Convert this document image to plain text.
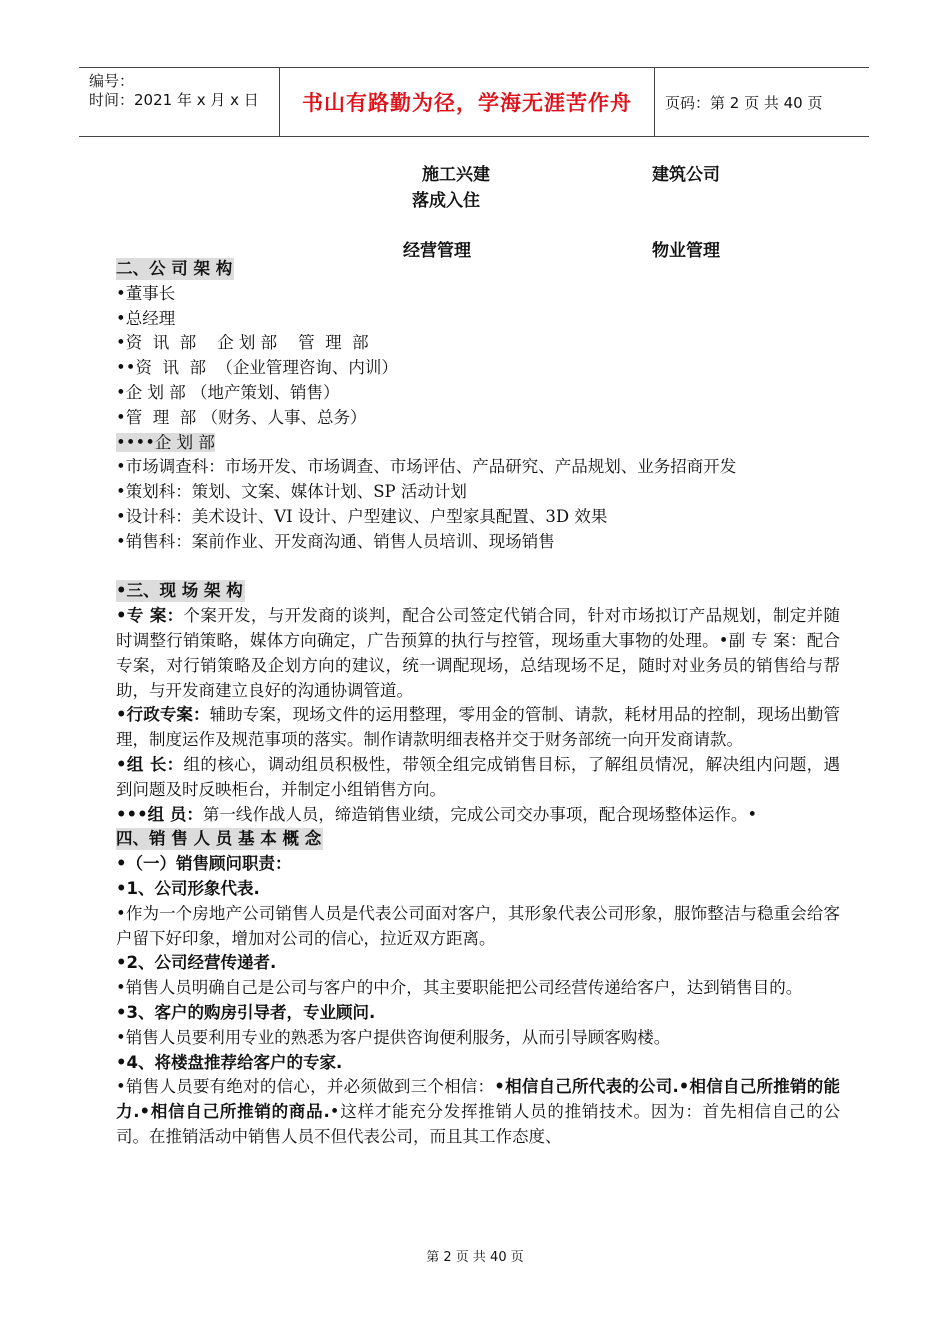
编号：
时间：2021 年 x 月 x 日	书山有路勤为径，学海无涯苦作舟	页码：第 2 页 共 40 页
施工兴建	建筑公司
落成入住
经营管理	物业管理
二、公 司 架 构
•董事长
•总经理
•资  讯  部    企 划 部    管  理  部
••资  讯  部  （企业管理咨询、内训）
•企 划 部 （地产策划、销售）
•管  理  部 （财务、人事、总务）
••••企 划 部
•市场调查科：市场开发、市场调查、市场评估、产品研究、产品规划、业务招商开发
•策划科：策划、文案、媒体计划、SP 活动计划
•设计科：美术设计、VI 设计、户型建议、户型家具配置、3D 效果
•销售科：案前作业、开发商沟通、销售人员培训、现场销售
•三、现 场 架 构
•专 案：个案开发，与开发商的谈判，配合公司签定代销合同，针对市场拟订产品规划，制定并随时调整行销策略，媒体方向确定，广告预算的执行与控管，现场重大事物的处理。•副 专 案：配合专案，对行销策略及企划方向的建议，统一调配现场，总结现场不足，随时对业务员的销售给与帮助，与开发商建立良好的沟通协调管道。
•行政专案：辅助专案，现场文件的运用整理，零用金的管制、请款，耗材用品的控制，现场出勤管理，制度运作及规范事项的落实。制作请款明细表格并交于财务部统一向开发商请款。
•组 长：组的核心，调动组员积极性，带领全组完成销售目标，了解组员情况，解决组内问题，遇到问题及时反映柜台，并制定小组销售方向。
•••组 员：第一线作战人员，缔造销售业绩，完成公司交办事项，配合现场整体运作。•
四、销 售 人 员 基 本 概 念
•（一）销售顾问职责：
•1、公司形象代表.
•作为一个房地产公司销售人员是代表公司面对客户，其形象代表公司形象，服饰整洁与稳重会给客户留下好印象，增加对公司的信心，拉近双方距离。
•2、公司经营传递者.
•销售人员明确自己是公司与客户的中介，其主要职能把公司经营传递给客户，达到销售目的。
•3、客户的购房引导者，专业顾问.
•销售人员要利用专业的熟悉为客户提供咨询便利服务，从而引导顾客购楼。
•4、将楼盘推荐给客户的专家.
•销售人员要有绝对的信心，并必须做到三个相信：•相信自己所代表的公司.•相信自己所推销的能力.•相信自己所推销的商品.•这样才能充分发挥推销人员的推销技术。因为：首先相信自己的公司。在推销活动中销售人员不但代表公司，而且其工作态度、
第 2 页 共 40 页
